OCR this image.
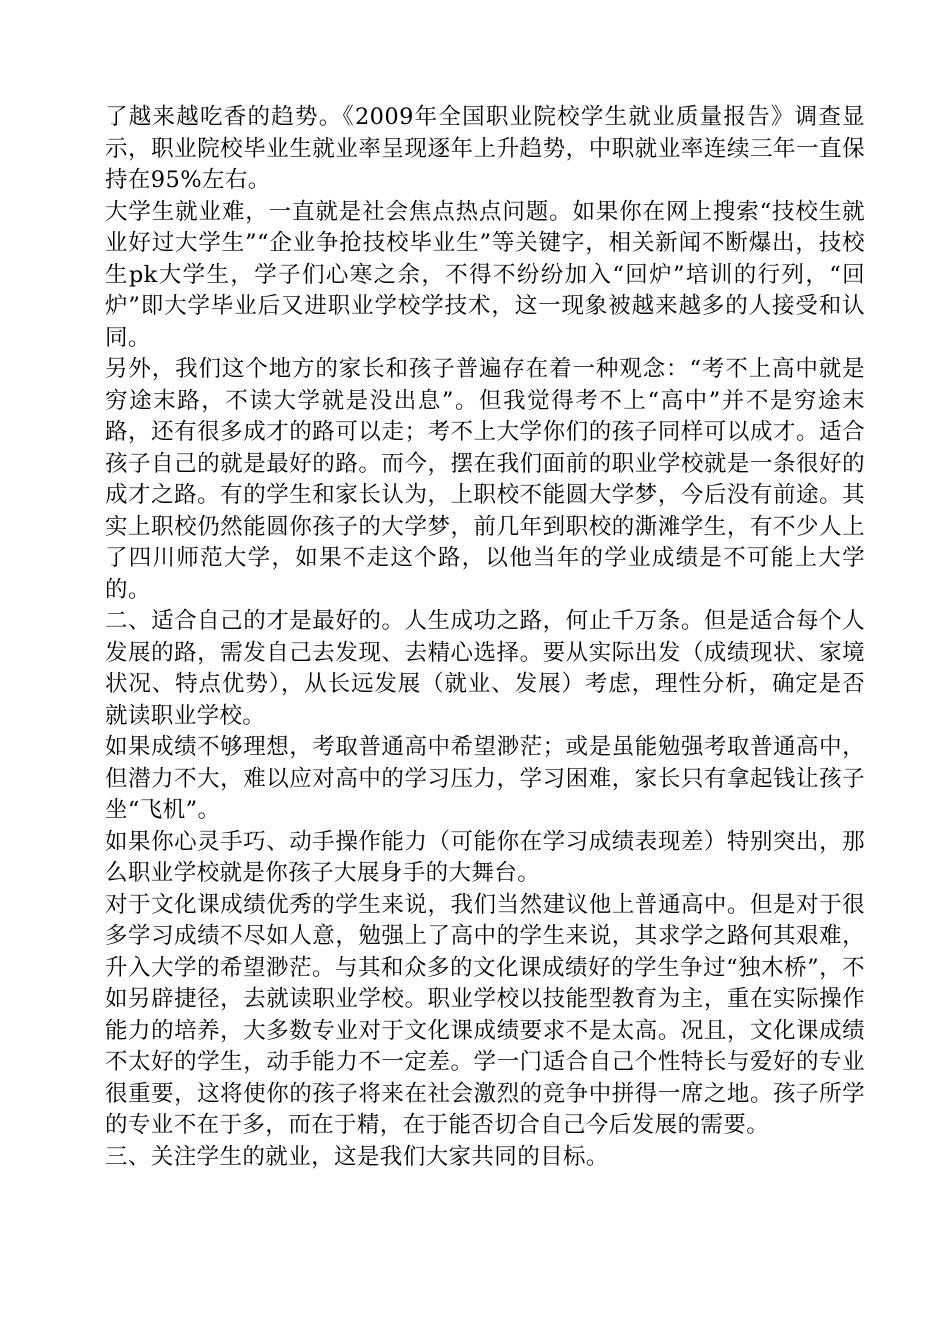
了越来越吃香的趋势。《2009年全国职业院校学生就业质量报告》调查显示，职业院校毕业生就业率呈现逐年上升趋势，中职就业率连续三年一直保持在95%左右。

大学生就业难，一直就是社会焦点热点问题。如果你在网上搜索“技校生就业好过大学生”“企业争抢技校毕业生”等关键字，相关新闻不断爆出，技校生pk大学生，学子们心寒之余，不得不纷纷加入“回炉”培训的行列，“回炉”即大学毕业后又进职业学校学技术，这一现象被越来越多的人接受和认同。

另外，我们这个地方的家长和孩子普遍存在着一种观念：“考不上高中就是穷途末路，不读大学就是没出息”。但我觉得考不上“高中”并不是穷途末路，还有很多成才的路可以走；考不上大学你们的孩子同样可以成才。适合孩子自己的就是最好的路。而今，摆在我们面前的职业学校就是一条很好的成才之路。有的学生和家长认为，上职校不能圆大学梦，今后没有前途。其实上职校仍然能圆你孩子的大学梦，前几年到职校的澌滩学生，有不少人上了四川师范大学，如果不走这个路，以他当年的学业成绩是不可能上大学的。

二、适合自己的才是最好的。人生成功之路，何止千万条。但是适合每个人发展的路，需发自己去发现、去精心选择。要从实际出发（成绩现状、家境状况、特点优势），从长远发展（就业、发展）考虑，理性分析，确定是否就读职业学校。

如果成绩不够理想，考取普通高中希望渺茫；或是虽能勉强考取普通高中，但潜力不大，难以应对高中的学习压力，学习困难，家长只有拿起钱让孩子坐“飞机”。

如果你心灵手巧、动手操作能力（可能你在学习成绩表现差）特别突出，那么职业学校就是你孩子大展身手的大舞台。

对于文化课成绩优秀的学生来说，我们当然建议他上普通高中。但是对于很多学习成绩不尽如人意，勉强上了高中的学生来说，其求学之路何其艰难，升入大学的希望渺茫。与其和众多的文化课成绩好的学生争过“独木桥”，不如另辟捷径，去就读职业学校。职业学校以技能型教育为主，重在实际操作能力的培养，大多数专业对于文化课成绩要求不是太高。况且，文化课成绩不太好的学生，动手能力不一定差。学一门适合自己个性特长与爱好的专业很重要，这将使你的孩子将来在社会激烈的竞争中拼得一席之地。孩子所学的专业不在于多，而在于精，在于能否切合自己今后发展的需要。

三、关注学生的就业，这是我们大家共同的目标。
